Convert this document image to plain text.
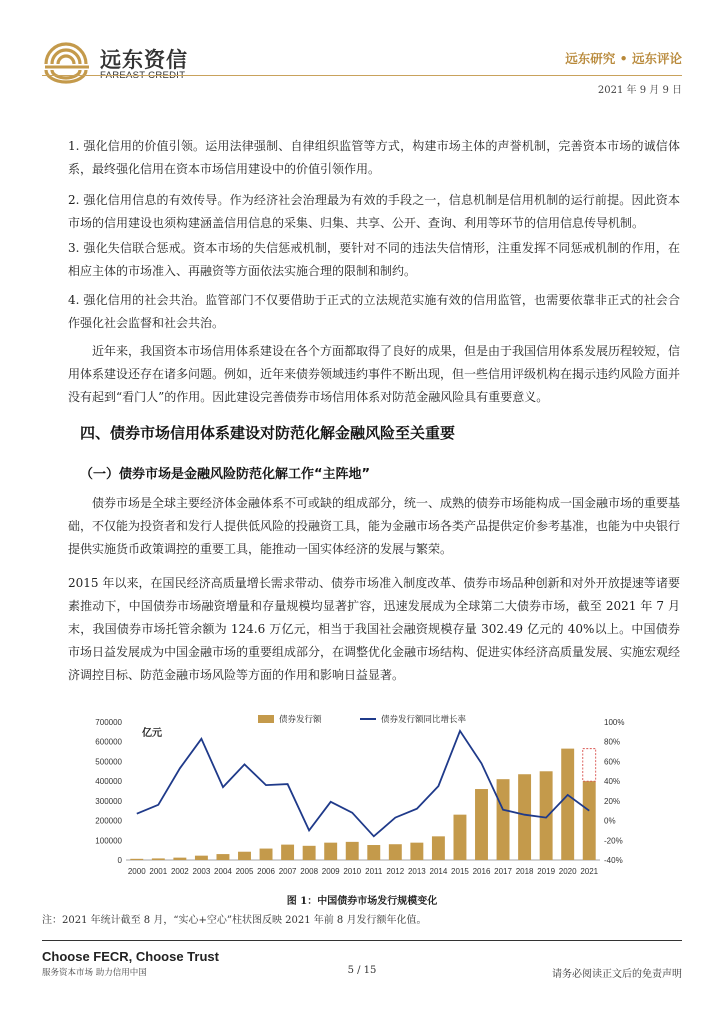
远东资信	远东研究 • 远东评论
2021 年 9 月 9 日

1. 强化信用的价值引领。运用法律强制、自律组织监管等方式，构建市场主体的声誉机制，完善资本市场的诚信体系，最终强化信用在资本市场信用建设中的价值引领作用。

2. 强化信用信息的有效传导。作为经济社会治理最为有效的手段之一，信息机制是信用机制的运行前提。因此资本市场的信用建设也须构建涵盖信用信息的采集、归集、共享、公开、查询、利用等环节的信用信息传导机制。

3. 强化失信联合惩戒。资本市场的失信惩戒机制，要针对不同的违法失信情形，注重发挥不同惩戒机制的作用，在相应主体的市场准入、再融资等方面依法实施合理的限制和制约。

4. 强化信用的社会共治。监管部门不仅要借助于正式的立法规范实施有效的信用监管，也需要依靠非正式的社会合作强化社会监督和社会共治。

近年来，我国资本市场信用体系建设在各个方面都取得了良好的成果，但是由于我国信用体系发展历程较短，信用体系建设还存在诸多问题。例如，近年来债券领域违约事件不断出现，但一些信用评级机构在揭示违约风险方面并没有起到“看门人”的作用。因此建设完善债券市场信用体系对防范金融风险具有重要意义。

四、债券市场信用体系建设对防范化解金融风险至关重要
（一）债券市场是金融风险防范化解工作“主阵地”

债券市场是全球主要经济体金融体系不可或缺的组成部分，统一、成熟的债券市场能构成一国金融市场的重要基础，不仅能为投资者和发行人提供低风险的投融资工具，能为金融市场各类产品提供定价参考基准，也能为中央银行提供实施货币政策调控的重要工具，能推动一国实体经济的发展与繁荣。

2015 年以来，在国民经济高质量增长需求带动、债券市场准入制度改革、债券市场品种创新和对外开放提速等诸要素推动下，中国债券市场融资增量和存量规模均显著扩容，迅速发展成为全球第二大债券市场，截至 2021 年 7 月末，我国债券市场托管余额为 124.6 万亿元，相当于我国社会融资规模存量 302.49 亿元的 40%以上。中国债券市场日益发展成为中国金融市场的重要组成部分，在调整优化金融市场结构、促进实体经济高质量发展、实施宏观经济调控目标、防范金融市场风险等方面的作用和影响日益显著。

0
100000
200000
300000
400000
500000
600000
700000
-40%
-20%
0%
20%
40%
60%
80%
100%
亿元
2000 2001 2002 2003 2004 2005 2006 2007 2008 2009 2010 2011 2012 2013 2014 2015 2016 2017 2018 2019 2020 2021
债券发行额	债券发行额同比增长率
图 1：中国债券市场发行规模变化
注：2021 年统计截至 8 月，“实心+空心”柱状图反映 2021 年前 8 月发行额年化值。
Choose FECR, Choose Trust
服务资本市场 助力信用中国	5 / 15	请务必阅读正文后的免责声明
